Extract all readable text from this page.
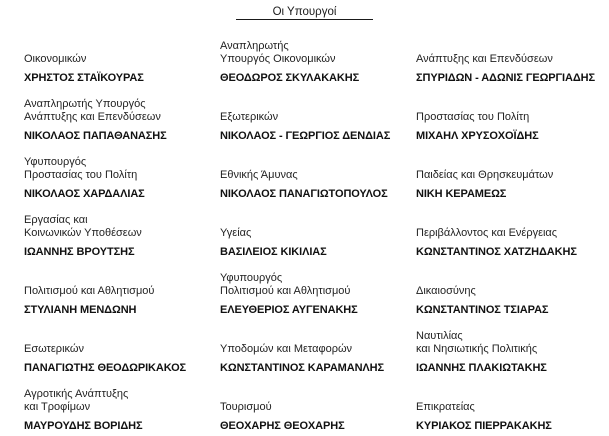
Οι Υπουργοί
Οικονομικών
ΧΡΗΣΤΟΣ ΣΤΑΪΚΟΥΡΑΣ
Αναπληρωτής Υπουργός
Ανάπτυξης και Επενδύσεων
ΝΙΚΟΛΑΟΣ ΠΑΠΑΘΑΝΑΣΗΣ
Υφυπουργός
Προστασίας του Πολίτη
ΝΙΚΟΛΑΟΣ ΧΑΡΔΑΛΙΑΣ
Εργασίας και
Κοινωνικών Υποθέσεων
ΙΩΑΝΝΗΣ ΒΡΟΥΤΣΗΣ
Πολιτισμού και Αθλητισμού
ΣΤΥΛΙΑΝΗ ΜΕΝΔΩΝΗ
Εσωτερικών
ΠΑΝΑΓΙΩΤΗΣ ΘΕΟΔΩΡΙΚΑΚΟΣ
Αγροτικής Ανάπτυξης
και Τροφίμων
ΜΑΥΡΟΥΔΗΣ ΒΟΡΙΔΗΣ
Αναπληρωτής
Υπουργός Οικονομικών
ΘΕΟΔΩΡΟΣ ΣΚΥΛΑΚΑΚΗΣ
Εξωτερικών
ΝΙΚΟΛΑΟΣ - ΓΕΩΡΓΙΟΣ ΔΕΝΔΙΑΣ
Εθνικής Άμυνας
ΝΙΚΟΛΑΟΣ ΠΑΝΑΓΙΩΤΟΠΟΥΛΟΣ
Υγείας
ΒΑΣΙΛΕΙΟΣ ΚΙΚΙΛΙΑΣ
Υφυπουργός
Πολιτισμού και Αθλητισμού
ΕΛΕΥΘΕΡΙΟΣ ΑΥΓΕΝΑΚΗΣ
Υποδομών και Μεταφορών
ΚΩΝΣΤΑΝΤΙΝΟΣ ΚΑΡΑΜΑΝΛΗΣ
Τουρισμού
ΘΕΟΧΑΡΗΣ ΘΕΟΧΑΡΗΣ
Ανάπτυξης και Επενδύσεων
ΣΠΥΡΙΔΩΝ - ΑΔΩΝΙΣ ΓΕΩΡΓΙΑΔΗΣ
Προστασίας του Πολίτη
ΜΙΧΑΗΛ ΧΡΥΣΟΧΟΪΔΗΣ
Παιδείας και Θρησκευμάτων
ΝΙΚΗ ΚΕΡΑΜΕΩΣ
Περιβάλλοντος και Ενέργειας
ΚΩΝΣΤΑΝΤΙΝΟΣ ΧΑΤΖΗΔΑΚΗΣ
Δικαιοσύνης
ΚΩΝΣΤΑΝΤΙΝΟΣ ΤΣΙΑΡΑΣ
Ναυτιλίας
και Νησιωτικής Πολιτικής
ΙΩΑΝΝΗΣ ΠΛΑΚΙΩΤΑΚΗΣ
Επικρατείας
ΚΥΡΙΑΚΟΣ ΠΙΕΡΡΑΚΑΚΗΣ
